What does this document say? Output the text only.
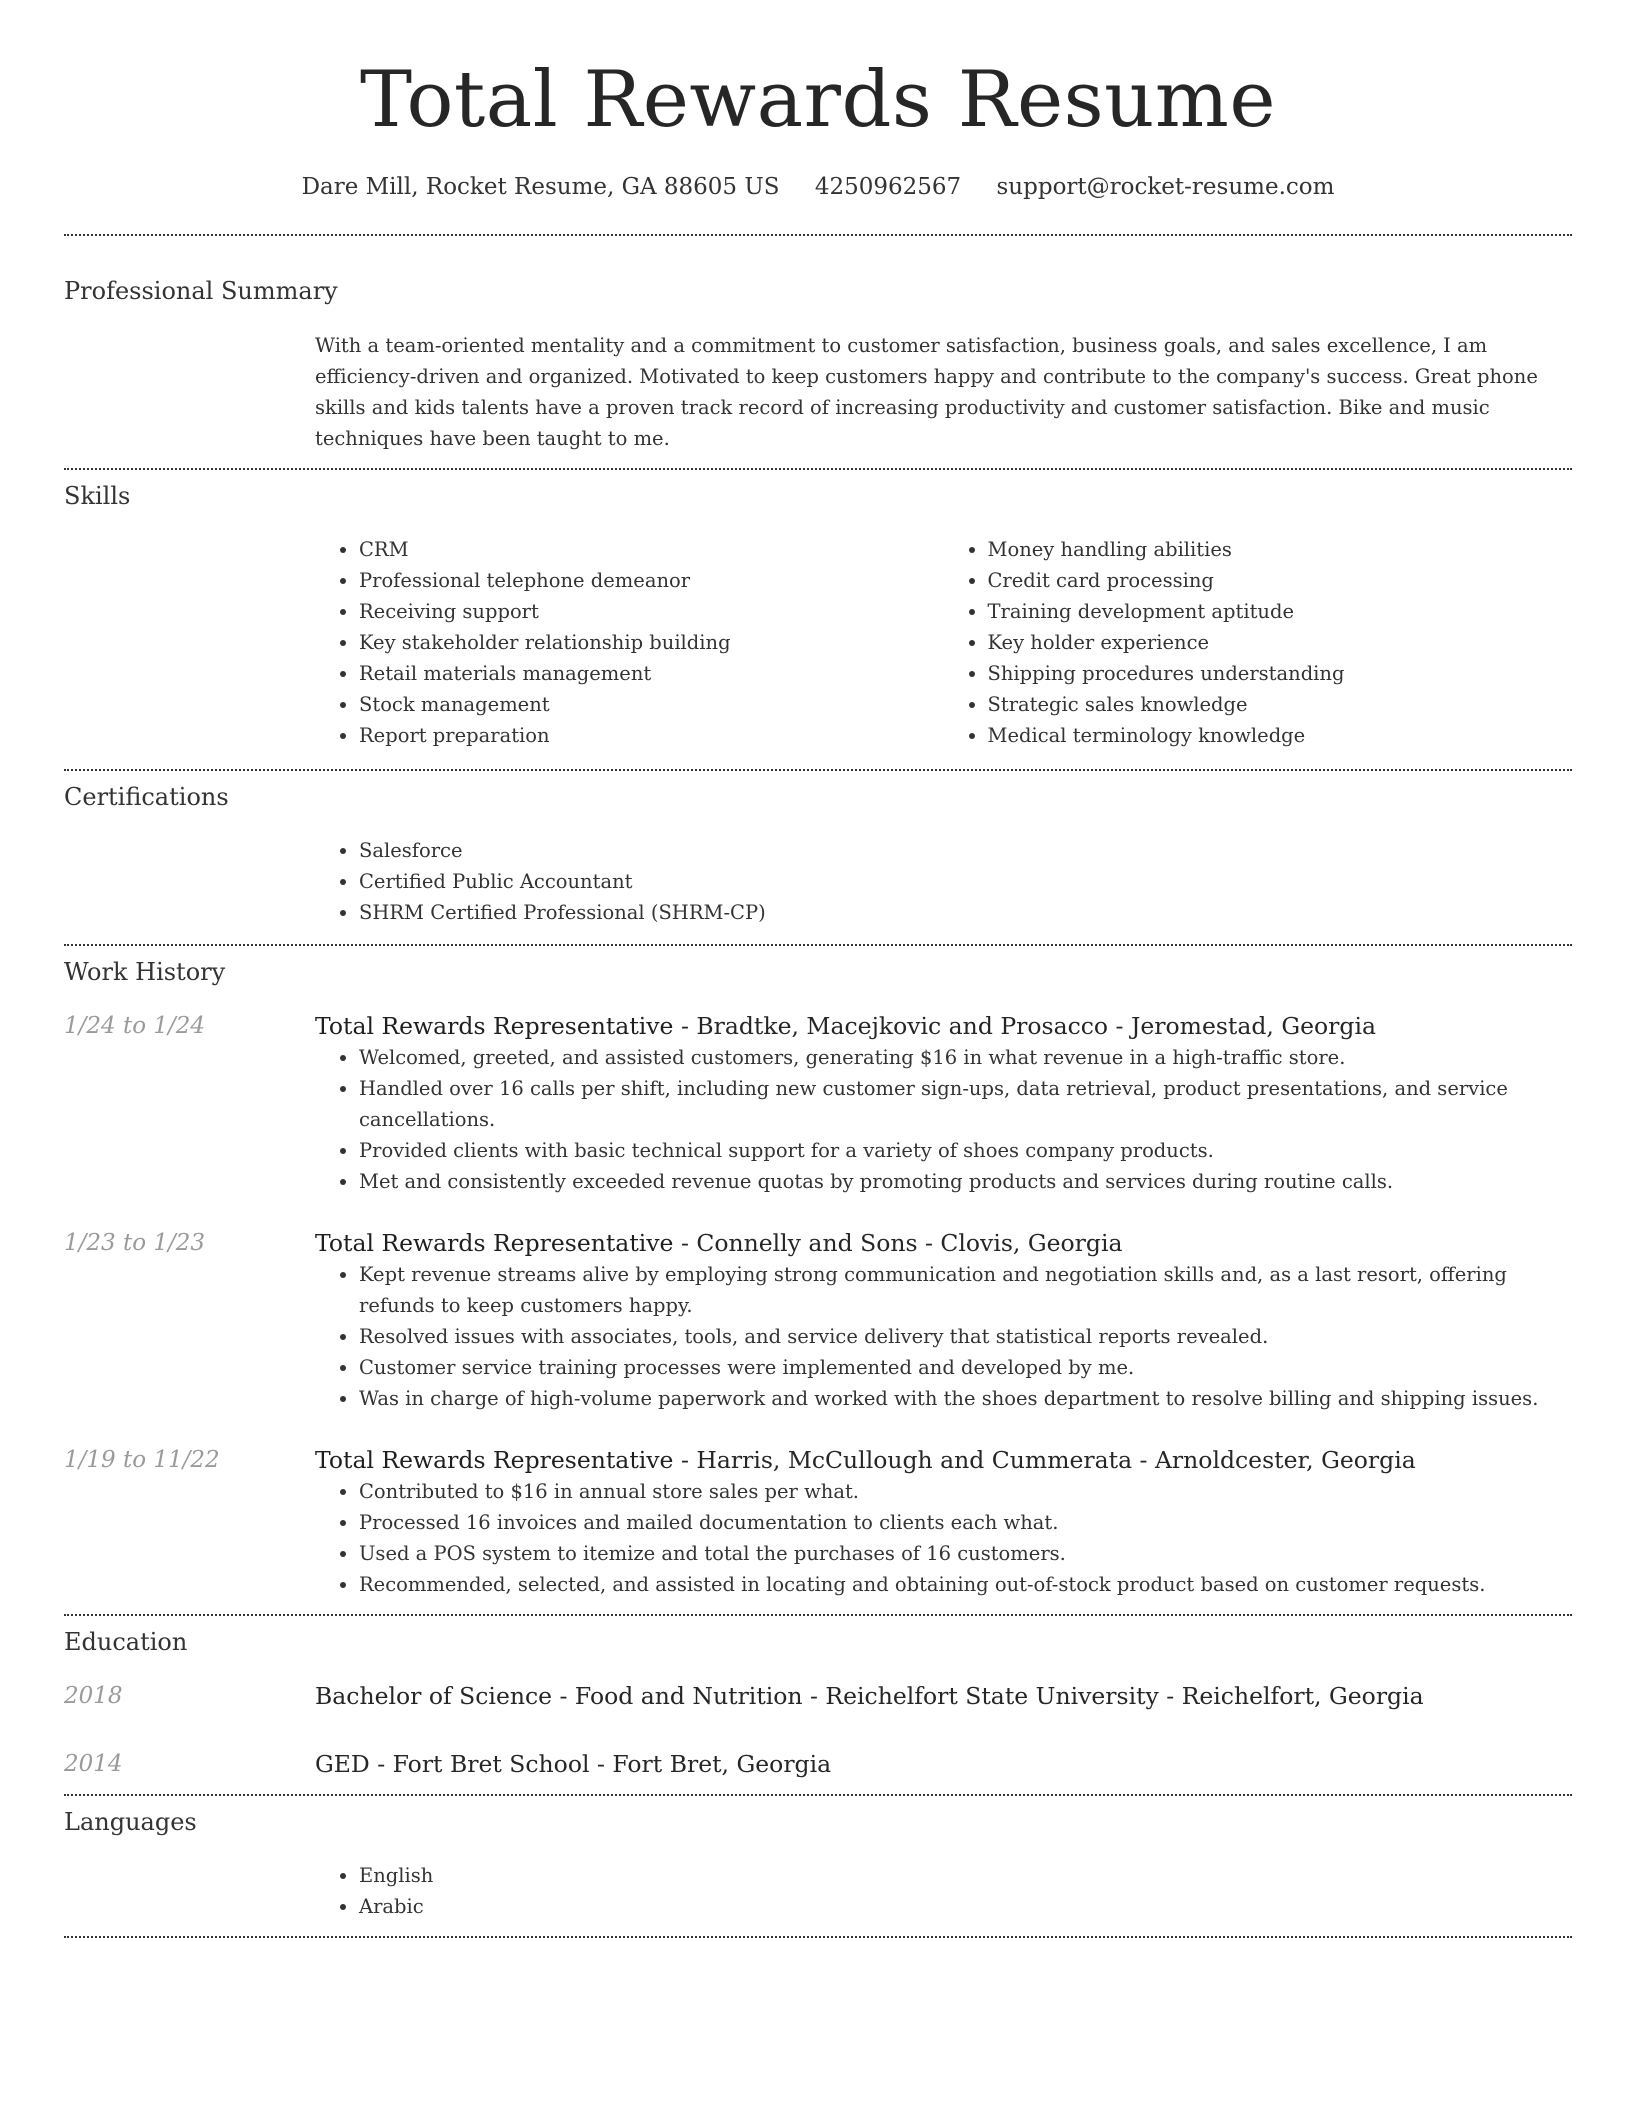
Total Rewards Resume
Dare Mill, Rocket Resume, GA 88605 US 4250962567 support@rocket-resume.com
Professional Summary

With a team-oriented mentality and a commitment to customer satisfaction, business goals, and sales excellence, I am efficiency-driven and organized. Motivated to keep customers happy and contribute to the company's success. Great phone skills and kids talents have a proven track record of increasing productivity and customer satisfaction. Bike and music techniques have been taught to me.

Skills
• CRM
• Professional telephone demeanor
• Receiving support
• Key stakeholder relationship building
• Retail materials management
• Stock management
• Report preparation
• Money handling abilities
• Credit card processing
• Training development aptitude
• Key holder experience
• Shipping procedures understanding
• Strategic sales knowledge
• Medical terminology knowledge
Certifications
• Salesforce
• Certified Public Accountant
• SHRM Certified Professional (SHRM-CP)
Work History
1/24 to 1/24	Total Rewards Representative - Bradtke, Macejkovic and Prosacco - Jeromestad, Georgia
• Welcomed, greeted, and assisted customers, generating $16 in what revenue in a high-traffic store.
• Handled over 16 calls per shift, including new customer sign-ups, data retrieval, product presentations, and service cancellations.
• Provided clients with basic technical support for a variety of shoes company products.
• Met and consistently exceeded revenue quotas by promoting products and services during routine calls.
1/23 to 1/23	Total Rewards Representative - Connelly and Sons - Clovis, Georgia
• Kept revenue streams alive by employing strong communication and negotiation skills and, as a last resort, offering refunds to keep customers happy.
• Resolved issues with associates, tools, and service delivery that statistical reports revealed.
• Customer service training processes were implemented and developed by me.
• Was in charge of high-volume paperwork and worked with the shoes department to resolve billing and shipping issues.
1/19 to 11/22	Total Rewards Representative - Harris, McCullough and Cummerata - Arnoldcester, Georgia
• Contributed to $16 in annual store sales per what.
• Processed 16 invoices and mailed documentation to clients each what.
• Used a POS system to itemize and total the purchases of 16 customers.
• Recommended, selected, and assisted in locating and obtaining out-of-stock product based on customer requests.
Education
2018	Bachelor of Science - Food and Nutrition - Reichelfort State University - Reichelfort, Georgia
2014	GED - Fort Bret School - Fort Bret, Georgia
Languages
• English
• Arabic
